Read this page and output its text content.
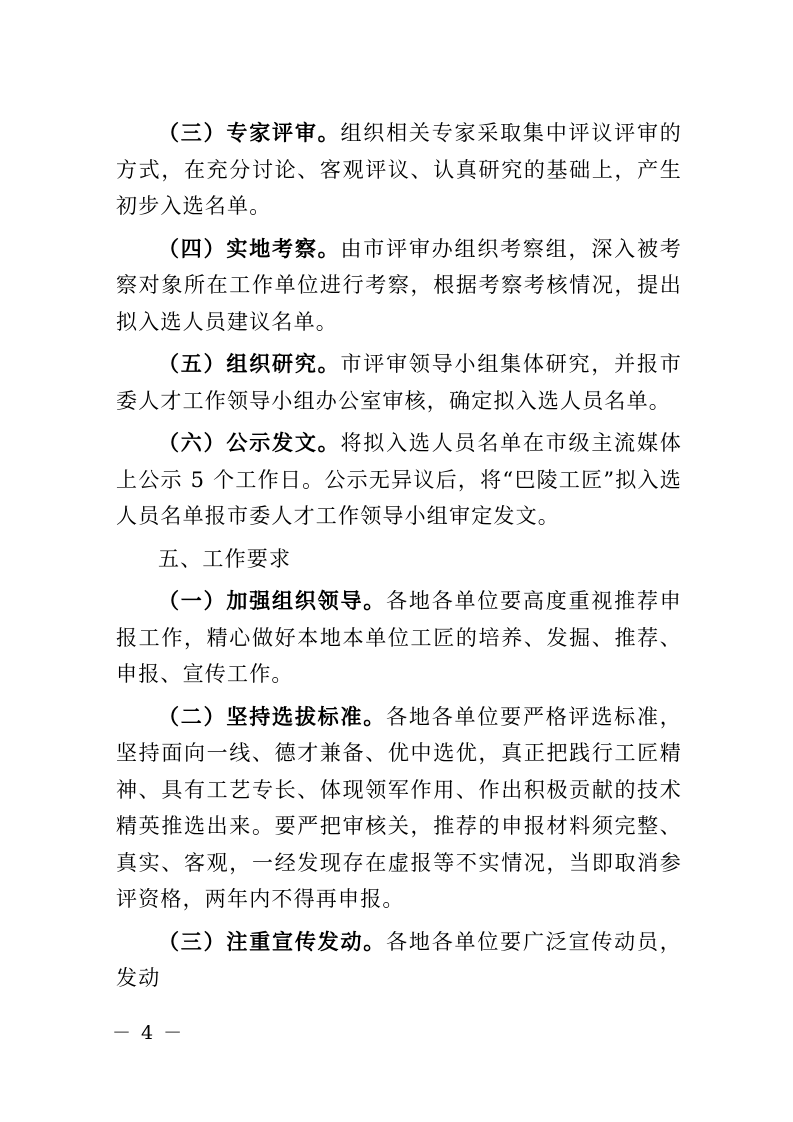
（三）专家评审。组织相关专家采取集中评议评审的方式，在充分讨论、客观评议、认真研究的基础上，产生初步入选名单。

（四）实地考察。由市评审办组织考察组，深入被考察对象所在工作单位进行考察，根据考察考核情况，提出拟入选人员建议名单。

（五）组织研究。市评审领导小组集体研究，并报市委人才工作领导小组办公室审核，确定拟入选人员名单。

（六）公示发文。将拟入选人员名单在市级主流媒体上公示 5 个工作日。公示无异议后，将“巴陵工匠”拟入选人员名单报市委人才工作领导小组审定发文。

五、工作要求

（一）加强组织领导。各地各单位要高度重视推荐申报工作，精心做好本地本单位工匠的培养、发掘、推荐、申报、宣传工作。

（二）坚持选拔标准。各地各单位要严格评选标准，坚持面向一线、德才兼备、优中选优，真正把践行工匠精神、具有工艺专长、体现领军作用、作出积极贡献的技术精英推选出来。要严把审核关，推荐的申报材料须完整、真实、客观，一经发现存在虚报等不实情况，当即取消参评资格，两年内不得再申报。

（三）注重宣传发动。各地各单位要广泛宣传动员，发动

－ 4 －
